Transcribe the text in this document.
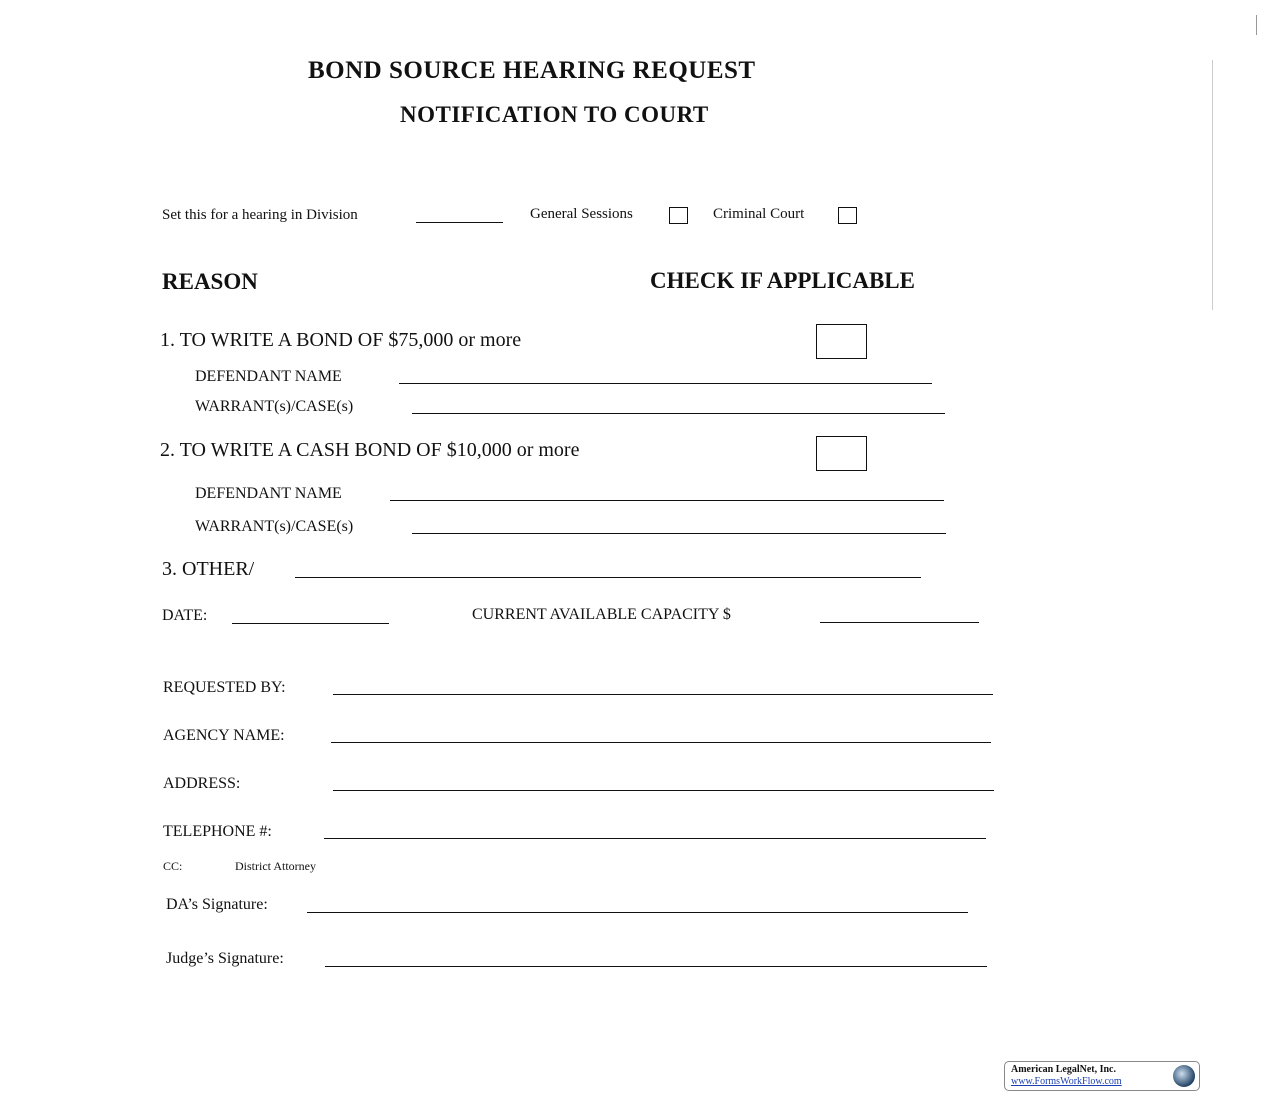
BOND SOURCE HEARING REQUEST
NOTIFICATION TO COURT
Set this for a hearing in Division	General Sessions	Criminal Court
REASON	CHECK IF APPLICABLE
1. TO WRITE A BOND OF $75,000 or more
DEFENDANT NAME
WARRANT(s)/CASE(s)
2. TO WRITE A CASH BOND OF $10,000 or more
DEFENDANT NAME
WARRANT(s)/CASE(s)
3. OTHER/
DATE:	CURRENT AVAILABLE CAPACITY $
REQUESTED BY:
AGENCY NAME:
ADDRESS:
TELEPHONE #:
CC:	District Attorney
DA’s Signature:
Judge’s Signature:
American LegalNet, Inc.
www.FormsWorkFlow.com
